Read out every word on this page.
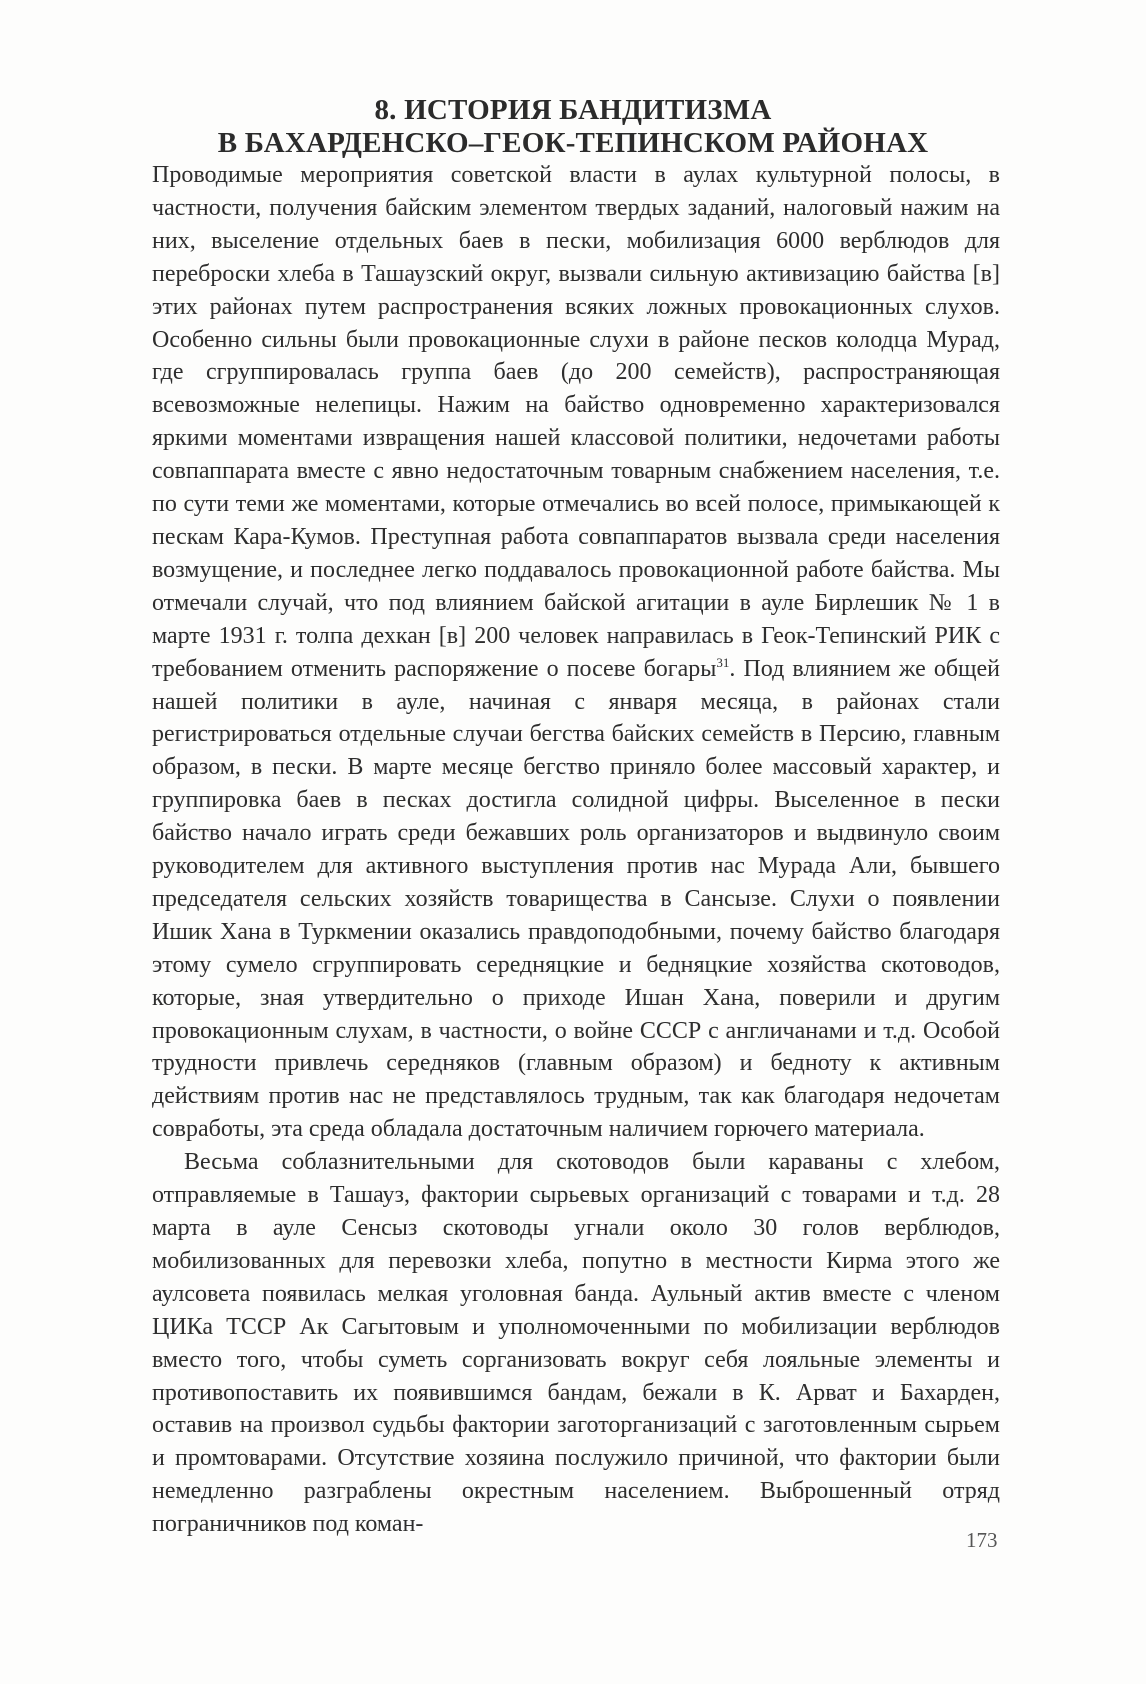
8. ИСТОРИЯ БАНДИТИЗМА
В БАХАРДЕНСКО–ГЕОК-ТЕПИНСКОМ РАЙОНАХ

Проводимые мероприятия советской власти в аулах культурной полосы, в частности, получения байским элементом твердых заданий, налоговый нажим на них, выселение отдельных баев в пески, мобилизация 6000 верблюдов для переброски хлеба в Ташаузский округ, вызвали сильную активизацию байства [в] этих районах путем распространения всяких ложных провокационных слухов. Особенно сильны были провокационные слухи в районе песков колодца Мурад, где сгруппировалась группа баев (до 200 семейств), распространяющая всевозможные нелепицы. Нажим на байство одновременно характеризовался яркими моментами извращения нашей классовой политики, недочетами работы совпаппарата вместе с явно недостаточным товарным снабжением населения, т.е. по сути теми же моментами, которые отмечались во всей полосе, примыкающей к пескам Кара-Кумов. Преступная работа совпаппаратов вызвала среди населения возмущение, и последнее легко поддавалось провокационной работе байства. Мы отмечали случай, что под влиянием байской агитации в ауле Бирлешик № 1 в марте 1931 г. толпа дехкан [в] 200 человек направилась в Геок-Тепинский РИК с требованием отменить распоряжение о посеве богары$^{31}$. Под влиянием же общей нашей политики в ауле, начиная с января месяца, в районах стали регистрироваться отдельные случаи бегства байских семейств в Персию, главным образом, в пески. В марте месяце бегство приняло более массовый характер, и группировка баев в песках достигла солидной цифры. Выселенное в пески байство начало играть среди бежавших роль организаторов и выдвинуло своим руководителем для активного выступления против нас Мурада Али, бывшего председателя сельских хозяйств товарищества в Сансызе. Слухи о появлении Ишик Хана в Туркмении оказались правдоподобными, почему байство благодаря этому сумело сгруппировать середняцкие и бедняцкие хозяйства скотоводов, которые, зная утвердительно о приходе Ишан Хана, поверили и другим провокационным слухам, в частности, о войне СССР с англичанами и т.д. Особой трудности привлечь середняков (главным образом) и бедноту к активным действиям против нас не представлялось трудным, так как благодаря недочетам совработы, эта среда обладала достаточным наличием горючего материала.

Весьма соблазнительными для скотоводов были караваны с хлебом, отправляемые в Ташауз, фактории сырьевых организаций с товарами и т.д. 28 марта в ауле Сенсыз скотоводы угнали около 30 голов верблюдов, мобилизованных для перевозки хлеба, попутно в местности Кирма этого же аулсовета появилась мелкая уголовная банда. Аульный актив вместе с членом ЦИКа ТССР Ак Сагытовым и уполномоченными по мобилизации верблюдов вместо того, чтобы суметь сорганизовать вокруг себя лояльные элементы и противопоставить их появившимся бандам, бежали в К. Арват и Бахарден, оставив на произвол судьбы фактории заготорганизаций с заготовленным сырьем и промтоварами. Отсутствие хозяина послужило причиной, что фактории были немедленно разграблены окрестным населением. Выброшенный отряд пограничников под коман-

173
